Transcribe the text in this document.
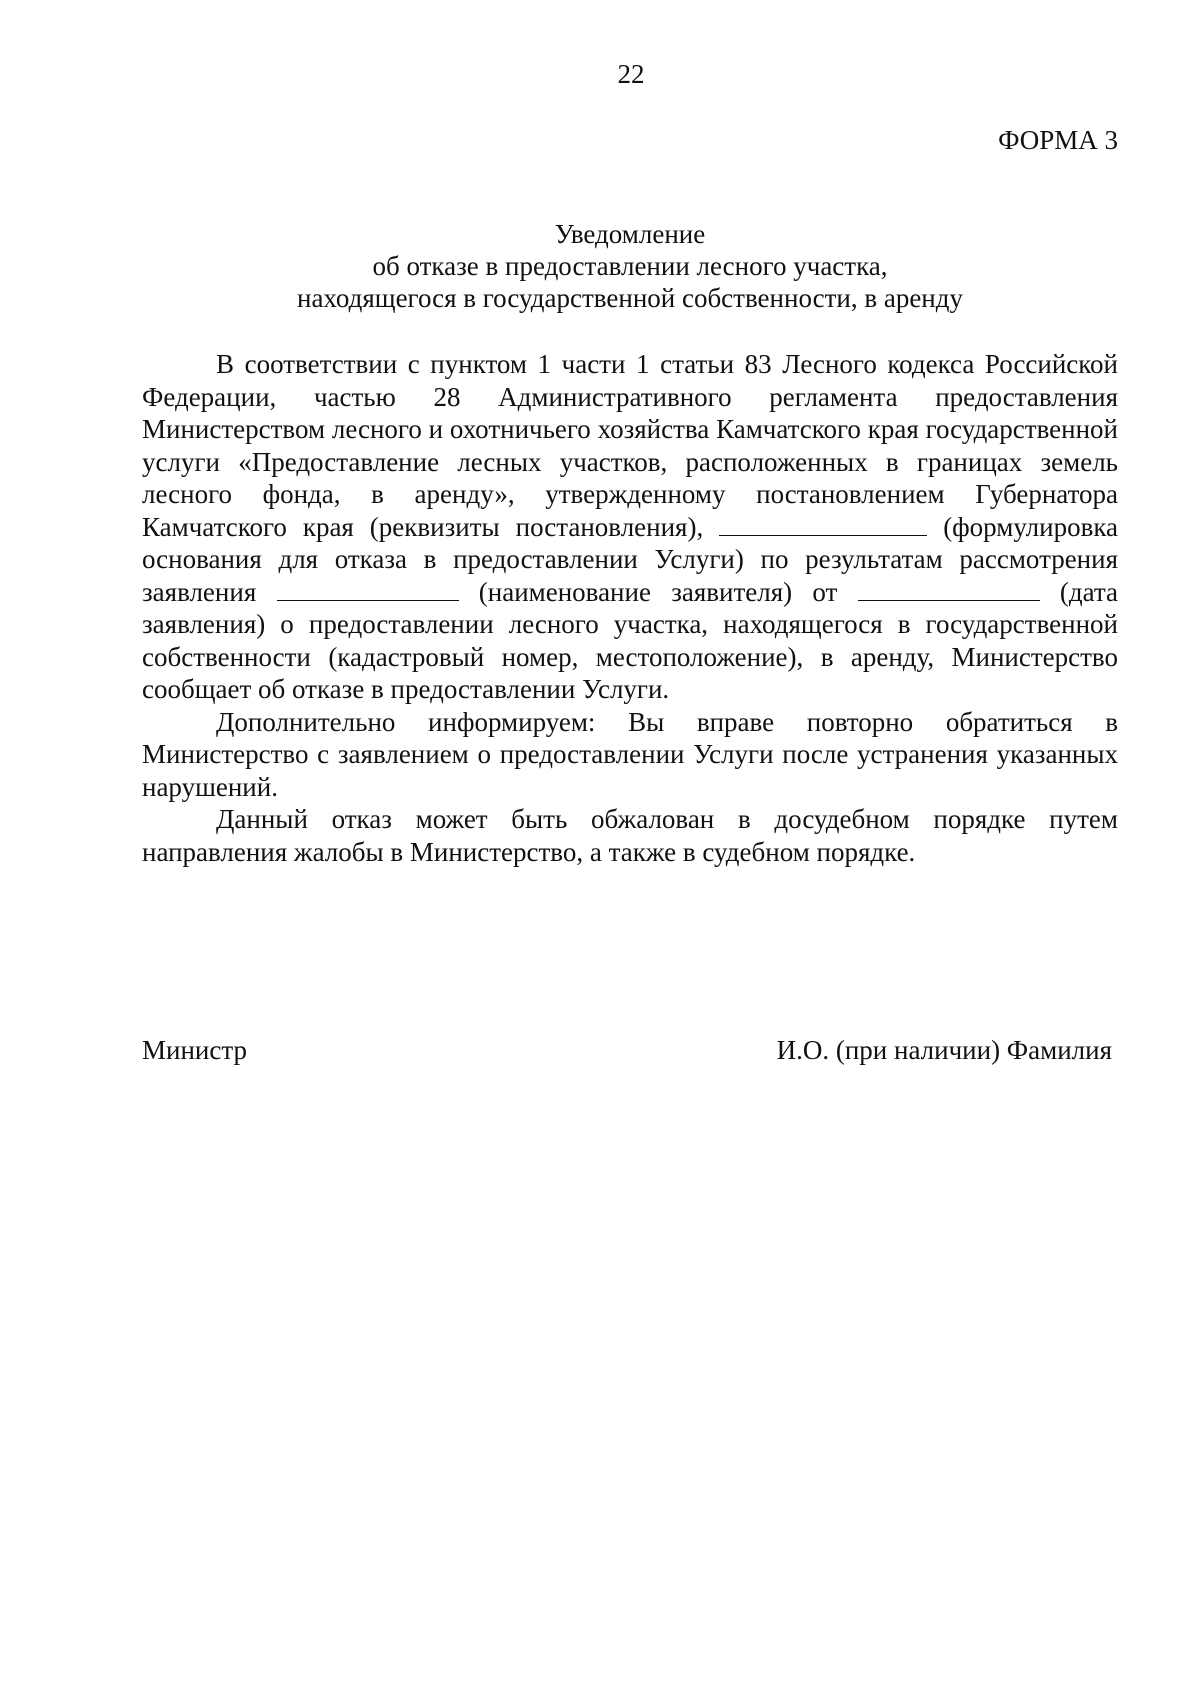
22
ФОРМА 3
Уведомление
об отказе в предоставлении лесного участка,
находящегося в государственной собственности, в аренду

В соответствии с пунктом 1 части 1 статьи 83 Лесного кодекса Российской Федерации, частью 28 Административного регламента предоставления Министерством лесного и охотничьего хозяйства Камчатского края государственной услуги «Предоставление лесных участков, расположенных в границах земель лесного фонда, в аренду», утвержденному постановлением Губернатора Камчатского края (реквизиты постановления),	(формулировка основания для отказа в предоставлении Услуги) по результатам рассмотрения заявления	(наименование заявителя) от	(дата заявления) о предоставлении лесного участка, находящегося в государственной собственности (кадастровый номер, местоположение), в аренду, Министерство сообщает об отказе в предоставлении Услуги.

Дополнительно информируем: Вы вправе повторно обратиться в Министерство с заявлением о предоставлении Услуги после устранения указанных нарушений.

Данный отказ может быть обжалован в досудебном порядке путем направления жалобы в Министерство, а также в судебном порядке.

Министр	И.О. (при наличии) Фамилия
